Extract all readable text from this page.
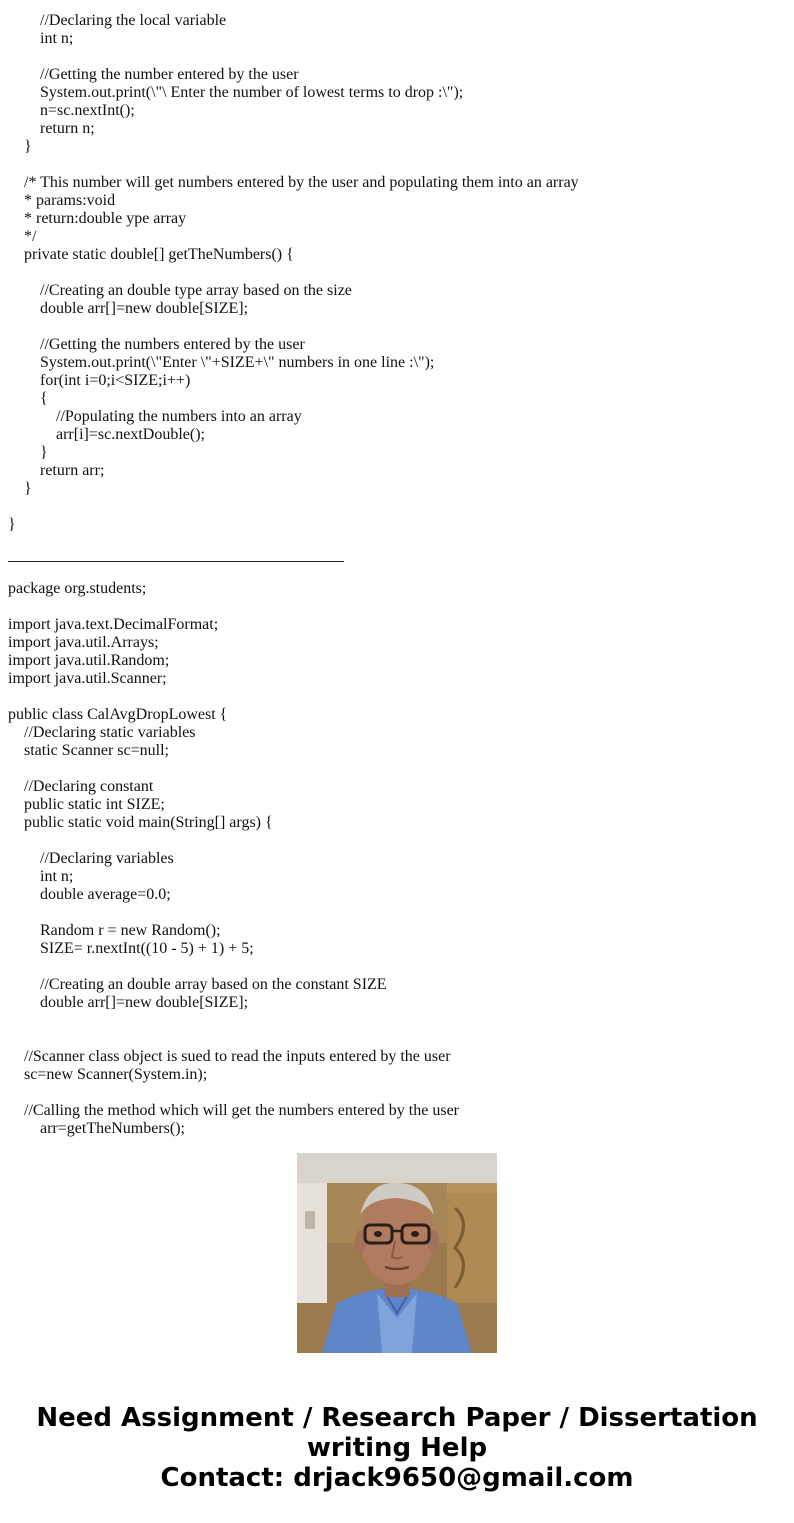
//Declaring the local variable
int n;
//Getting the number entered by the user
System.out.print(\"\ Enter the number of lowest terms to drop :\");
n=sc.nextInt();
return n;
}
/* This number will get numbers entered by the user and populating them into an array
* params:void
* return:double ype array
*/
private static double[] getTheNumbers() {
//Creating an double type array based on the size
double arr[]=new double[SIZE];
//Getting the numbers entered by the user
System.out.print(\"Enter \"+SIZE+\" numbers in one line :\");
for(int i=0;i<SIZE;i++)
{
//Populating the numbers into an array
arr[i]=sc.nextDouble();
}
return arr;
}
}
package org.students;
import java.text.DecimalFormat;
import java.util.Arrays;
import java.util.Random;
import java.util.Scanner;
public class CalAvgDropLowest {
//Declaring static variables
static Scanner sc=null;
//Declaring constant
public static int SIZE;
public static void main(String[] args) {
//Declaring variables
int n;
double average=0.0;
Random r = new Random();
SIZE= r.nextInt((10 - 5) + 1) + 5;
//Creating an double array based on the constant SIZE
double arr[]=new double[SIZE];
//Scanner class object is sued to read the inputs entered by the user
sc=new Scanner(System.in);
//Calling the method which will get the numbers entered by the user
arr=getTheNumbers();
Need Assignment / Research Paper / Dissertation
writing Help
Contact: drjack9650@gmail.com
